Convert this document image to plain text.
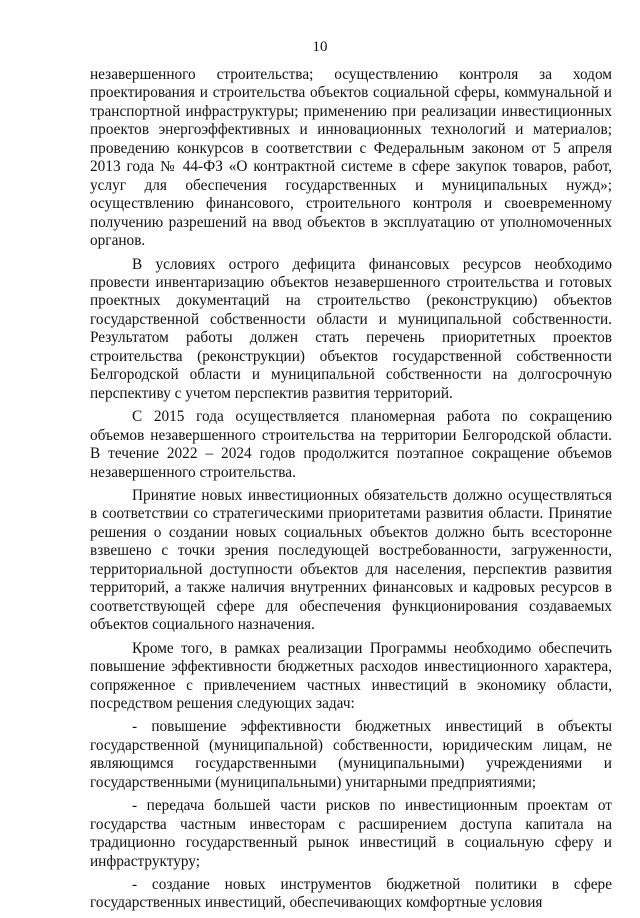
10

незавершенного строительства; осуществлению контроля за ходом проектирования и строительства объектов социальной сферы, коммунальной и транспортной инфраструктуры; применению при реализации инвестиционных проектов энергоэффективных и инновационных технологий и материалов; проведению конкурсов в соответствии с Федеральным законом от 5 апреля 2013 года № 44-ФЗ «О контрактной системе в сфере закупок товаров, работ, услуг для обеспечения государственных и муниципальных нужд»; осуществлению финансового, строительного контроля и своевременному получению разрешений на ввод объектов в эксплуатацию от уполномоченных органов.

В условиях острого дефицита финансовых ресурсов необходимо провести инвентаризацию объектов незавершенного строительства и готовых проектных документаций на строительство (реконструкцию) объектов государственной собственности области и муниципальной собственности. Результатом работы должен стать перечень приоритетных проектов строительства (реконструкции) объектов государственной собственности Белгородской области и муниципальной собственности на долгосрочную перспективу с учетом перспектив развития территорий.

С 2015 года осуществляется планомерная работа по сокращению объемов незавершенного строительства на территории Белгородской области. В течение 2022 – 2024 годов продолжится поэтапное сокращение объемов незавершенного строительства.

Принятие новых инвестиционных обязательств должно осуществляться в соответствии со стратегическими приоритетами развития области. Принятие решения о создании новых социальных объектов должно быть всесторонне взвешено с точки зрения последующей востребованности, загруженности, территориальной доступности объектов для населения, перспектив развития территорий, а также наличия внутренних финансовых и кадровых ресурсов в соответствующей сфере для обеспечения функционирования создаваемых объектов социального назначения.

Кроме того, в рамках реализации Программы необходимо обеспечить повышение эффективности бюджетных расходов инвестиционного характера, сопряженное с привлечением частных инвестиций в экономику области, посредством решения следующих задач:

- повышение эффективности бюджетных инвестиций в объекты государственной (муниципальной) собственности, юридическим лицам, не являющимся государственными (муниципальными) учреждениями и государственными (муниципальными) унитарными предприятиями;

- передача большей части рисков по инвестиционным проектам от государства частным инвесторам с расширением доступа капитала на традиционно государственный рынок инвестиций в социальную сферу и инфраструктуру;

- создание новых инструментов бюджетной политики в сфере государственных инвестиций, обеспечивающих комфортные условия
